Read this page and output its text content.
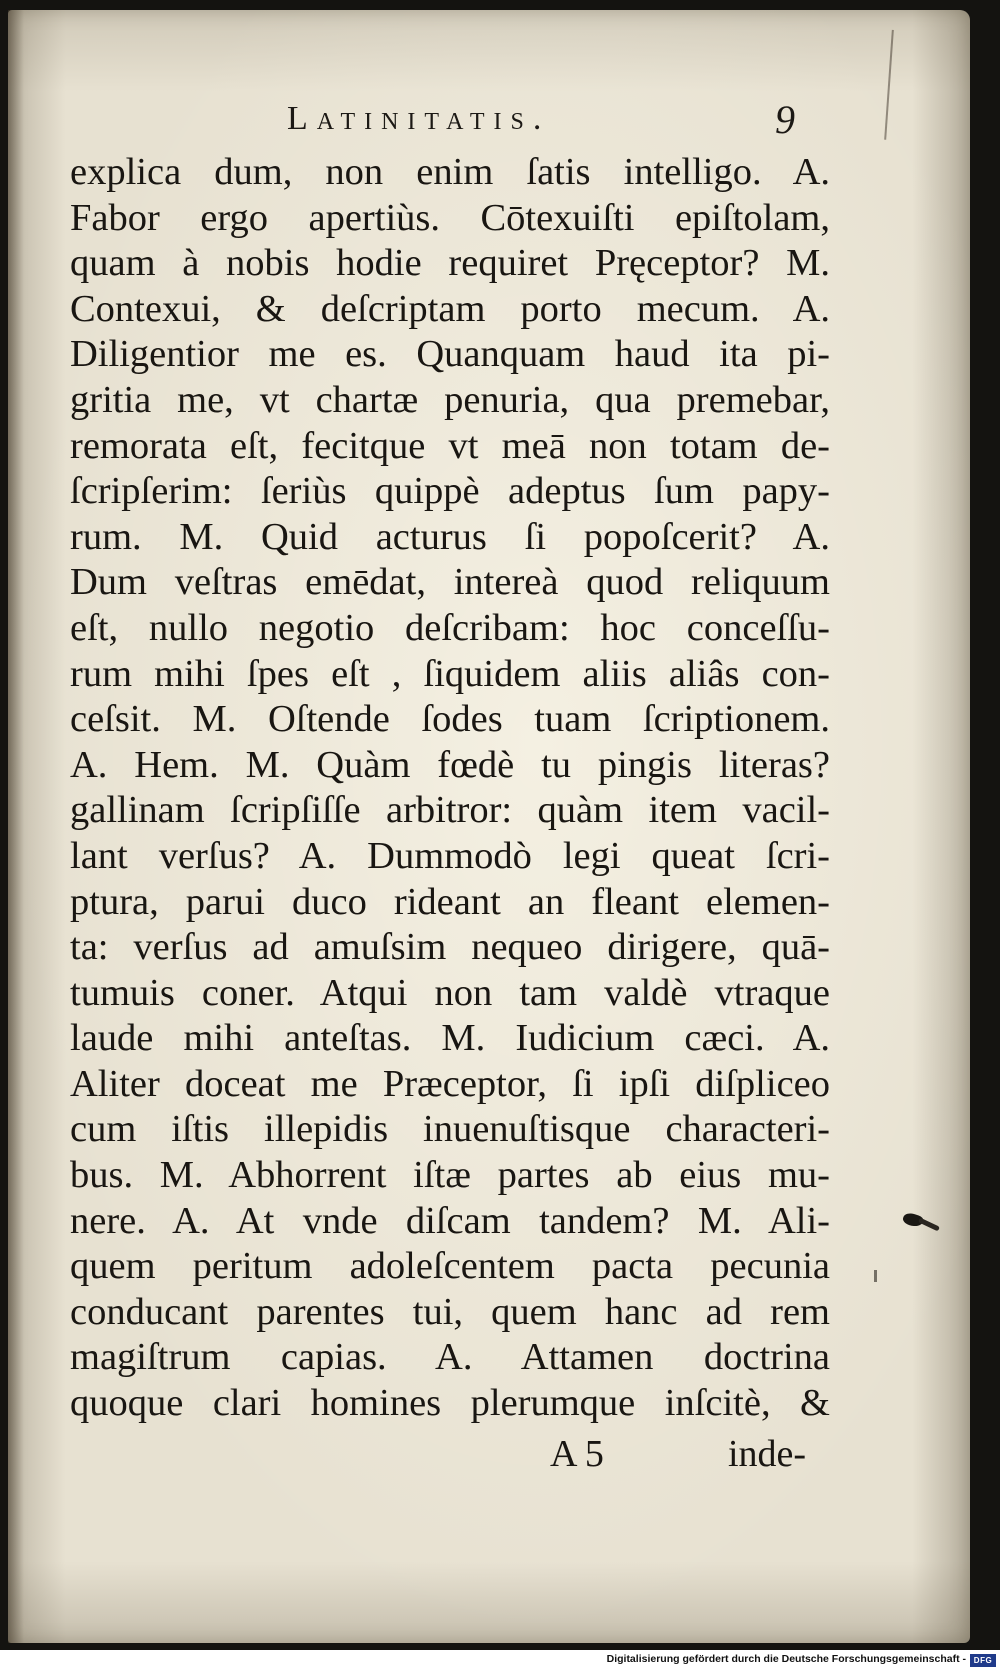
Latinitatis.	9
explica dum, non enim ſatis intelligo. A.
Fabor ergo apertiùs. Cōtexuiſti epiſtolam,
quam à nobis hodie requiret Pręceptor? M.
Contexui, & deſcriptam porto mecum. A.
Diligentior me es. Quanquam haud ita pi-
gritia me, vt chartæ penuria, qua premebar,
remorata eſt, fecitque vt meā non totam de-
ſcripſerim: ſeriùs quippè adeptus ſum papy-
rum. M. Quid acturus ſi popoſcerit? A.
Dum veſtras emēdat, intereà quod reliquum
eſt, nullo negotio deſcribam: hoc conceſſu-
rum mihi ſpes eſt , ſiquidem aliis aliâs con-
ceſsit. M. Oſtende ſodes tuam ſcriptionem.
A. Hem. M. Quàm fœdè tu pingis literas?
gallinam ſcripſiſſe arbitror: quàm item vacil-
lant verſus? A. Dummodò legi queat ſcri-
ptura, parui duco rideant an fleant elemen-
ta: verſus ad amuſsim nequeo dirigere, quā-
tumuis coner. Atqui non tam valdè vtraque
laude mihi anteſtas. M. Iudicium cæci. A.
Aliter doceat me Præceptor, ſi ipſi diſpliceo
cum iſtis illepidis inuenuſtisque characteri-
bus. M. Abhorrent iſtæ partes ab eius mu-
nere. A. At vnde diſcam tandem? M. Ali-
quem peritum adoleſcentem pacta pecunia
conducant parentes tui, quem hanc ad rem
magiſtrum capias. A. Attamen doctrina
quoque clari homines plerumque inſcitè, &
A 5	inde-
Digitalisierung gefördert durch die Deutsche Forschungsgemeinschaft - DFG
